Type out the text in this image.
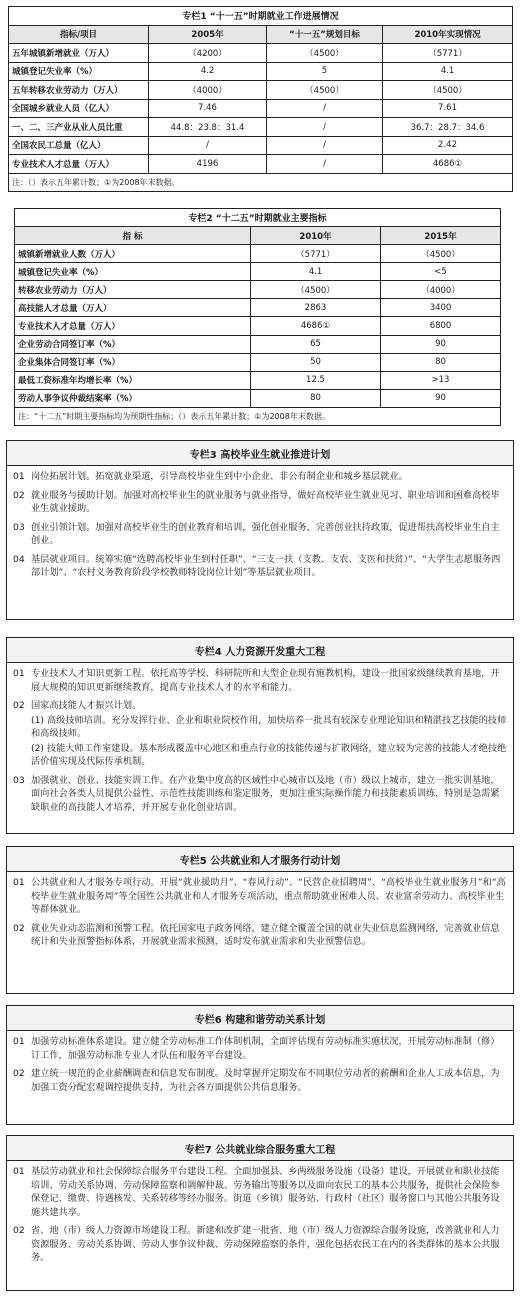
专栏1 “十一五”时期就业工作进展情况			
指标/项目	2005年	“十一五”规划目标	2010年实现情况
五年城镇新增就业（万人）	（4200）	（4500）	（5771）
城镇登记失业率（%）	4.2	5	4.1
五年转移农业劳动力（万人）	（4000）	（4500）	（4500）
全国城乡就业人员（亿人）	7.46	/	7.61
一、二、三产业从业人员比重	44.8：23.8：31.4	/	36.7：28.7：34.6
全国农民工总量（亿人）	/	/	2.42
专业技术人才总量（万人）	4196	/	4686①
注：（）表示五年累计数；①为2008年末数据。			
专栏2 “十二五”时期就业主要指标		
指 标	2010年	2015年
城镇新增就业人数（万人）	（5771）	（4500）
城镇登记失业率（%）	4.1	<5
转移农业劳动力（万人）	（4500）	（4000）
高技能人才总量（万人）	2863	3400
专业技术人才总量（万人）	4686①	6800
企业劳动合同签订率（%）	65	90
企业集体合同签订率（%）	50	80
最低工资标准年均增长率（%）	12.5	>13
劳动人事争议仲裁结案率（%）	80	90
注：“十二五”时期主要指标均为预期性指标；（）表示五年累计数；①为2008年末数据。		
专栏3 高校毕业生就业推进计划
01 岗位拓展计划。拓宽就业渠道，引导高校毕业生到中小企业、非公有制企业和城乡基层就业。
02 就业服务与援助计划。加强对高校毕业生的就业服务与就业指导，做好高校毕业生就业见习、职业培训和困难高校毕业生就业援助。
03 创业引领计划。加强对高校毕业生的创业教育和培训，强化创业服务，完善创业扶持政策，促进帮扶高校毕业生自主创业。
04 基层就业项目。统筹实施“选聘高校毕业生到村任职”、“三支一扶（支教、支农、支医和扶贫）”、“大学生志愿服务西部计划”、“农村义务教育阶段学校教师特设岗位计划”等基层就业项目。
专栏4 人力资源开发重大工程
01 专业技术人才知识更新工程。依托高等学校、科研院所和大型企业现有施教机构，建设一批国家级继续教育基地，开展大规模的知识更新继续教育，提高专业技术人才的水平和能力。
02 国家高技能人才振兴计划。
(1) 高级技师培训。充分发挥行业、企业和职业院校作用，加快培养一批具有较深专业理论知识和精湛技艺技能的技师和高级技师。
(2) 技能大师工作室建设。基本形成覆盖中心地区和重点行业的技能传递与扩散网络，建立较为完善的技能人才绝技绝活价值实现及代际传承机制。
03 加强就业、创业、技能实训工作。在产业集中度高的区域性中心城市以及地（市）级以上城市，建立一批实训基地，面向社会各类人员提供公益性、示范性技能训练和鉴定服务，更加注重实际操作能力和技能素质训练，特别是急需紧缺职业的高技能人才培养，并开展专业化创业培训。
专栏5 公共就业和人才服务行动计划
01 公共就业和人才服务专项行动。开展“就业援助月”、“春风行动”、“民营企业招聘周”、“高校毕业生就业服务月”和“高校毕业生就业服务周”等全国性公共就业和人才服务专项活动，重点帮助就业困难人员、农业富余劳动力、高校毕业生等群体就业。
02 就业失业动态监测和预警工程。依托国家电子政务网络，建立健全覆盖全国的就业失业信息监测网络，完善就业信息统计和失业预警指标体系，开展就业需求预测，适时发布就业需求和失业预警信息。
专栏6 构建和谐劳动关系计划
01 加强劳动标准体系建设。建立健全劳动标准工作体制机制，全面评估现有劳动标准实施状况，开展劳动标准制（修）订工作，加强劳动标准专业人才队伍和服务平台建设。
02 建立统一规范的企业薪酬调查和信息发布制度。及时掌握并定期发布不同职位劳动者的薪酬和企业人工成本信息，为加强工资分配宏观调控提供支持，为社会各方面提供公共信息服务。
专栏7 公共就业综合服务重大工程
01 基层劳动就业和社会保障综合服务平台建设工程。全面加强县、乡两级服务设施（设备）建设，开展就业和职业技能培训、劳动关系协调、劳动保障监察和调解仲裁、劳务输出等服务以及面向农民工的基本公共服务，提供社会保险参保登记、缴费、待遇核发、关系转移等经办服务。街道（乡镇）服务站、行政村（社区）服务窗口与其他公共服务设施共建共享。
02 省、地（市）级人力资源市场建设工程。新建和改扩建一批省、地（市）级人力资源综合服务设施，改善就业和人力资源服务、劳动关系协调、劳动人事争议仲裁、劳动保障监察的条件，强化包括农民工在内的各类群体的基本公共服务。
